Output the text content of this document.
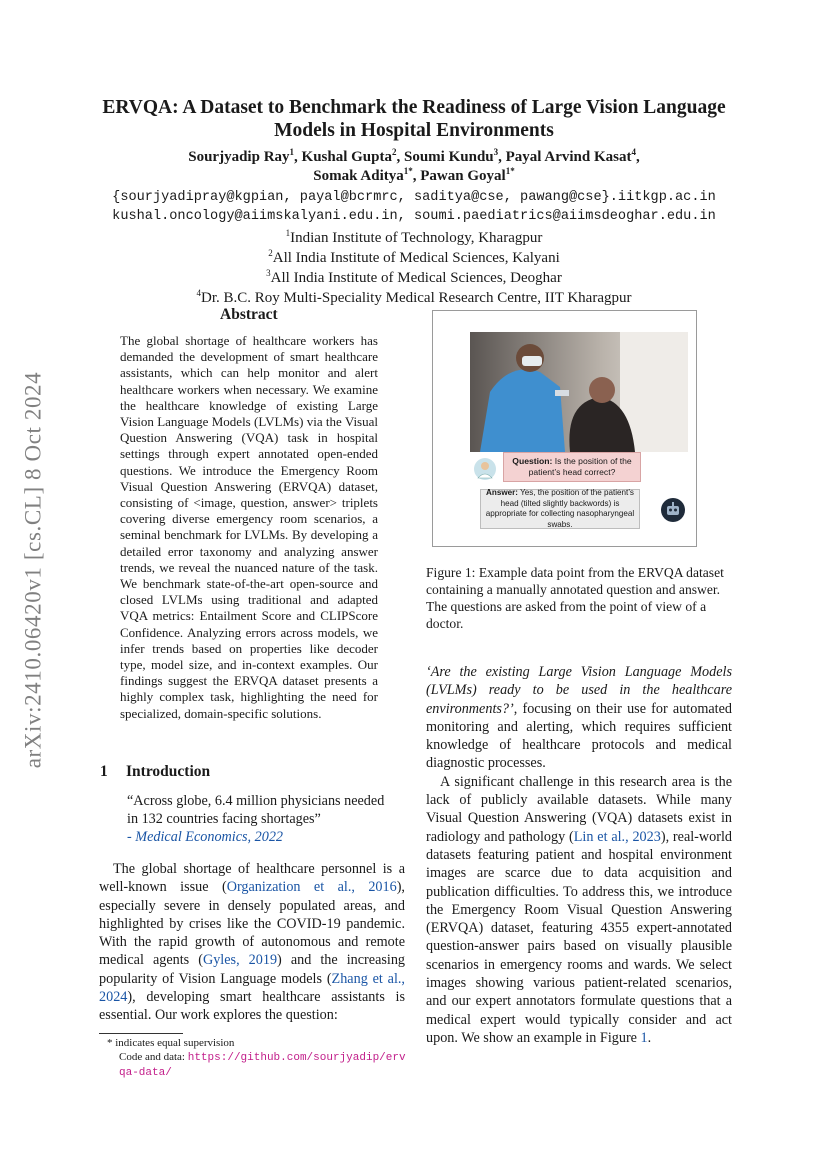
arXiv:2410.06420v1 [cs.CL] 8 Oct 2024
ERVQA: A Dataset to Benchmark the Readiness of Large Vision Language Models in Hospital Environments
Sourjyadip Ray$^1$, Kushal Gupta$^2$, Soumi Kundu$^3$, Payal Arvind Kasat$^4$,
Somak Aditya$^{1*}$, Pawan Goyal$^{1*}$
{sourjyadipray@kgpian, payal@bcrmrc, saditya@cse, pawang@cse}.iitkgp.ac.in
kushal.oncology@aiimskalyani.edu.in, soumi.paediatrics@aiimsdeoghar.edu.in
$^1$Indian Institute of Technology, Kharagpur
$^2$All India Institute of Medical Sciences, Kalyani
$^3$All India Institute of Medical Sciences, Deoghar
$^4$Dr. B.C. Roy Multi-Speciality Medical Research Centre, IIT Kharagpur
Abstract
The global shortage of healthcare workers has demanded the development of smart healthcare assistants, which can help monitor and alert healthcare workers when necessary. We examine the healthcare knowledge of existing Large Vision Language Models (LVLMs) via the Visual Question Answering (VQA) task in hospital settings through expert annotated open-ended questions. We introduce the Emergency Room Visual Question Answering (ERVQA) dataset, consisting of <image, question, answer> triplets covering diverse emergency room scenarios, a seminal benchmark for LVLMs. By developing a detailed error taxonomy and analyzing answer trends, we reveal the nuanced nature of the task. We benchmark state-of-the-art open-source and closed LVLMs using traditional and adapted VQA metrics: Entailment Score and CLIPScore Confidence. Analyzing errors across models, we infer trends based on properties like decoder type, model size, and in-context examples. Our findings suggest the ERVQA dataset presents a highly complex task, highlighting the need for specialized, domain-specific solutions.
1 Introduction
“Across globe, 6.4 million physicians needed in 132 countries facing shortages”
- Medical Economics, 2022
The global shortage of healthcare personnel is a well-known issue (Organization et al., 2016), especially severe in densely populated areas, and highlighted by crises like the COVID-19 pandemic. With the rapid growth of autonomous and remote medical agents (Gyles, 2019) and the increasing popularity of Vision Language models (Zhang et al., 2024), developing smart healthcare assistants is essential. Our work explores the question:

* indicates equal supervision

Code and data: https://github.com/sourjyadip/ervqa-data/

Question: Is the position of the patient’s head correct?
Answer: Yes, the position of the patient’s head (tilted slightly backwords) is appropriate for collecting nasopharyngeal swabs.
Figure 1: Example data point from the ERVQA dataset containing a manually annotated question and answer. The questions are asked from the point of view of a doctor.

‘Are the existing Large Vision Language Models (LVLMs) ready to be used in the healthcare environments?’, focusing on their use for automated monitoring and alerting, which requires sufficient knowledge of healthcare protocols and medical diagnostic processes.

A significant challenge in this research area is the lack of publicly available datasets. While many Visual Question Answering (VQA) datasets exist in radiology and pathology (Lin et al., 2023), real-world datasets featuring patient and hospital environment images are scarce due to data acquisition and publication difficulties. To address this, we introduce the Emergency Room Visual Question Answering (ERVQA) dataset, featuring 4355 expert-annotated question-answer pairs based on visually plausible scenarios in emergency rooms and wards. We select images showing various patient-related scenarios, and our expert annotators formulate questions that a medical expert would typically consider and act upon. We show an example in Figure 1.
